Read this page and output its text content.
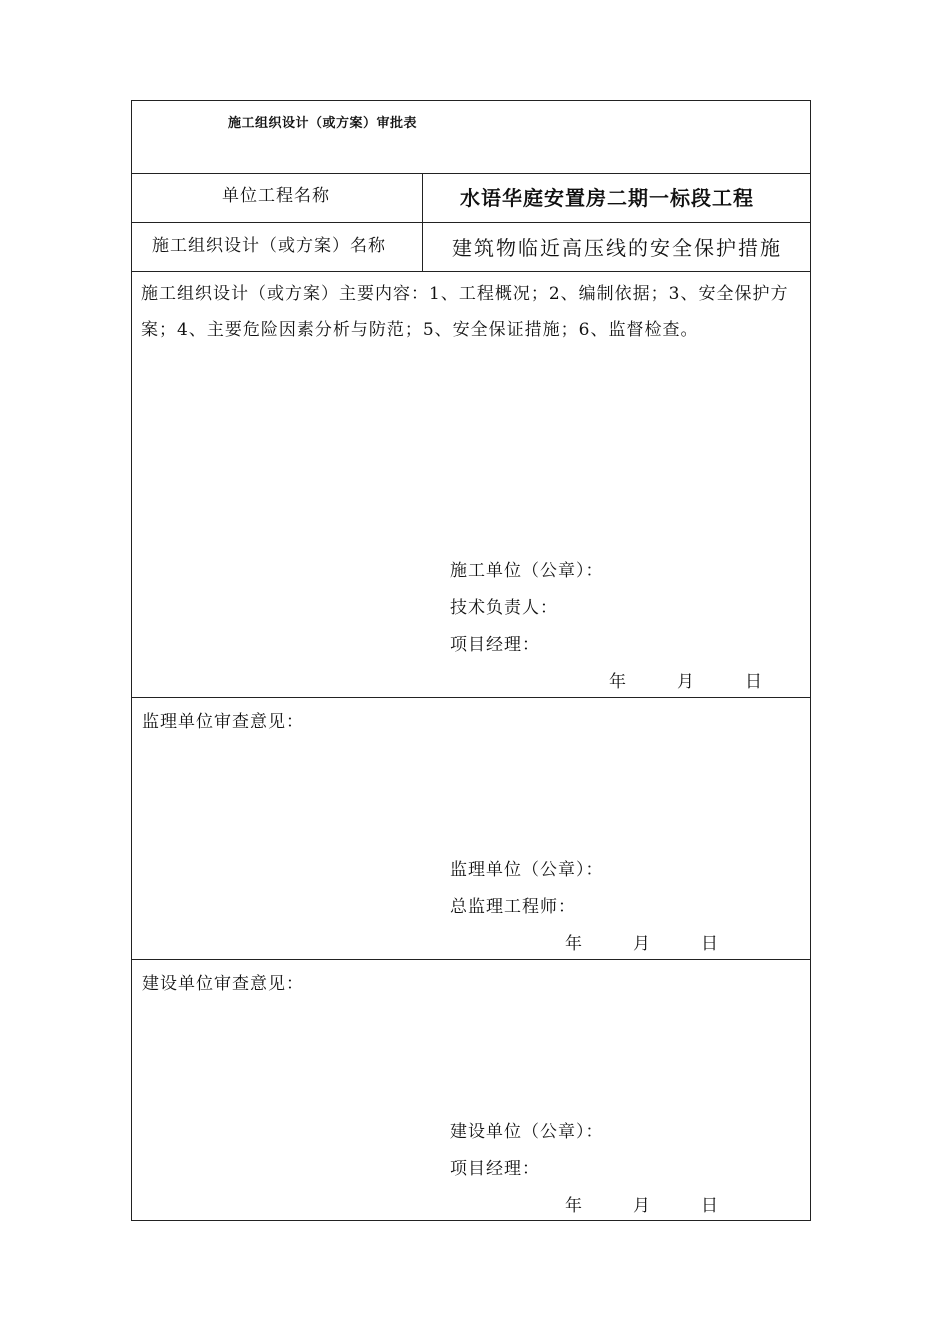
施工组织设计（或方案）审批表
单位工程名称	水语华庭安置房二期一标段工程
施工组织设计（或方案）名称	建筑物临近高压线的安全保护措施
施工组织设计（或方案）主要内容：1、工程概况；2、编制依据；3、安全保护方案；4、主要危险因素分析与防范；5、安全保证措施；6、监督检查。
施工单位（公章）：
技术负责人：
项目经理：
年	月	日
监理单位审查意见：
监理单位（公章）：
总监理工程师：
年	月	日
建设单位审查意见：
建设单位（公章）：
项目经理：
年	月	日
